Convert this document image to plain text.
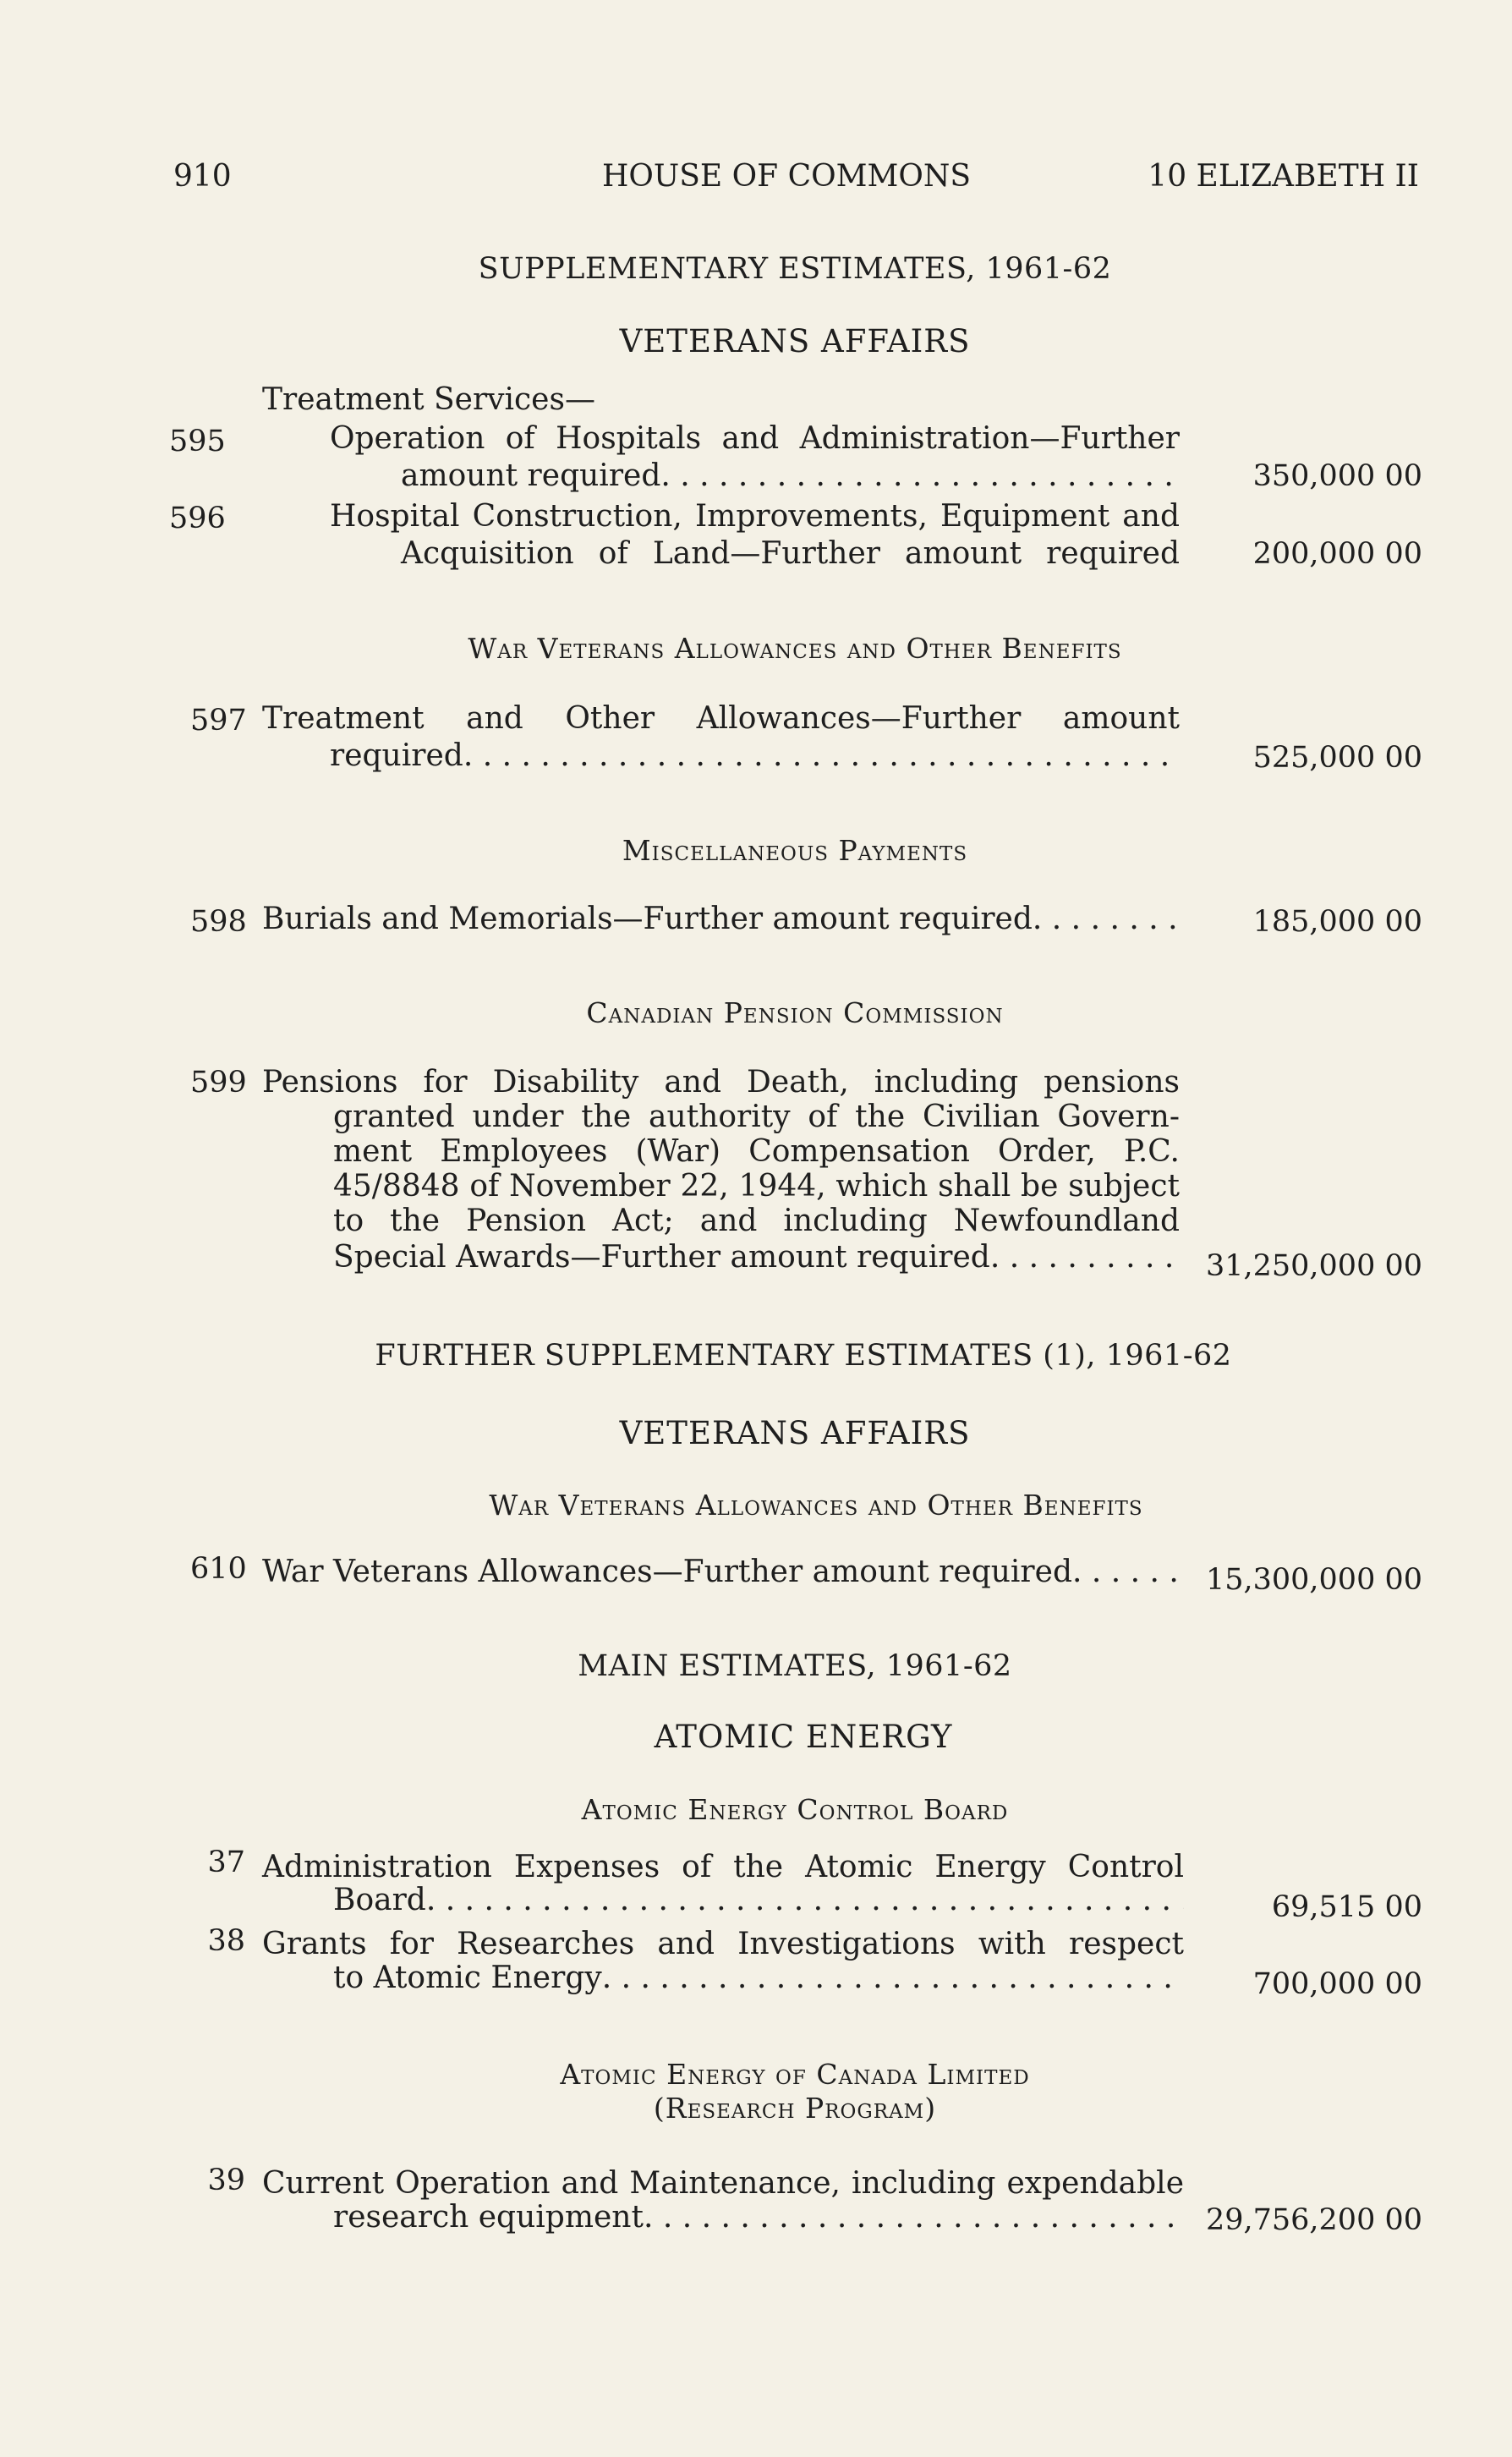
910	HOUSE OF COMMONS	10 ELIZABETH II
SUPPLEMENTARY ESTIMATES, 1961-62
VETERANS AFFAIRS
Treatment Services—
595	Operation of Hospitals and Administration—Further
amount required . . .	350,000 00
596	Hospital Construction, Improvements, Equipment and
Acquisition of Land—Further amount required 200,000 00
War Veterans Allowances and Other Benefits
597 Treatment and Other Allowances—Further amount
required . . .	525,000 00
Miscellaneous Payments
598 Burials and Memorials—Further amount required . . .	185,000 00
Canadian Pension Commission
599 Pensions for Disability and Death, including pensions
granted under the authority of the Civilian Govern-
ment Employees (War) Compensation Order, P.C.
45/8848 of November 22, 1944, which shall be subject
to the Pension Act; and including Newfoundland
Special Awards—Further amount required . . .	31,250,000 00
FURTHER SUPPLEMENTARY ESTIMATES (1), 1961-62
VETERANS AFFAIRS
War Veterans Allowances and Other Benefits
610 War Veterans Allowances—Further amount required . . .	15,300,000 00
MAIN ESTIMATES, 1961-62
ATOMIC ENERGY
Atomic Energy Control Board
37 Administration Expenses of the Atomic Energy Control
Board . . .	69,515 00
38 Grants for Researches and Investigations with respect
to Atomic Energy . . .	700,000 00
Atomic Energy of Canada Limited
(Research Program)
39 Current Operation and Maintenance, including expendable
research equipment . . .	29,756,200 00
